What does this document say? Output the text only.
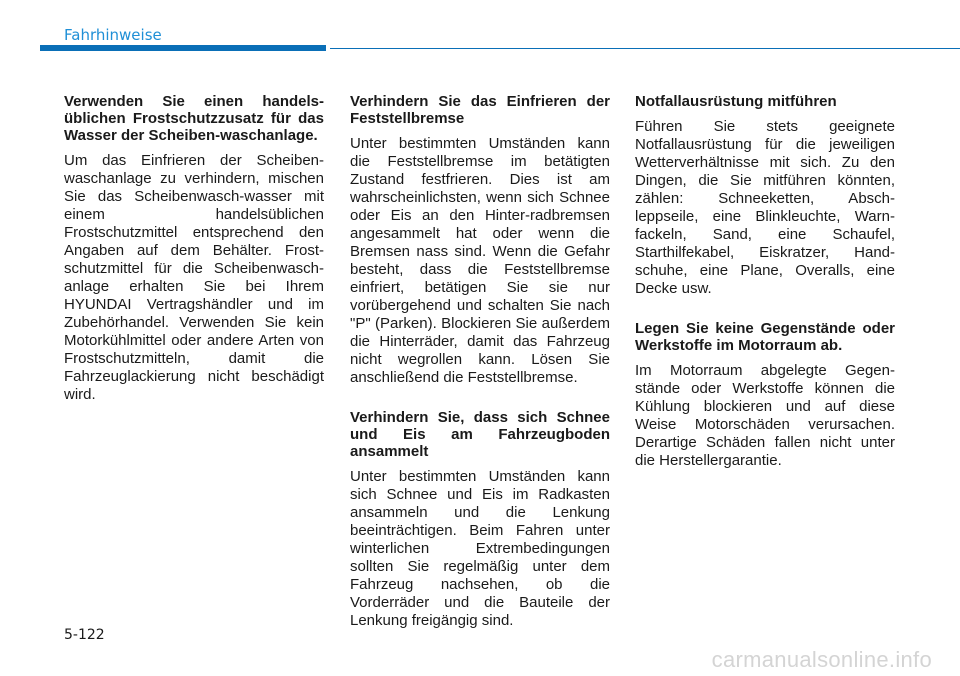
Fahrhinweise
Verwenden Sie einen handels-üblichen Frostschutzzusatz für das Wasser der Scheiben-waschanlage.

Um das Einfrieren der Scheiben-waschanlage zu verhindern, mischen Sie das Scheibenwasch-wasser mit einem handelsüblichen Frostschutzmittel entsprechend den Angaben auf dem Behälter. Frost-schutzmittel für die Scheibenwasch-anlage erhalten Sie bei Ihrem HYUNDAI Vertragshändler und im Zubehörhandel. Verwenden Sie kein Motorkühlmittel oder andere Arten von Frostschutzmitteln, damit die Fahrzeuglackierung nicht beschädigt wird.

Verhindern Sie das Einfrieren der Feststellbremse

Unter bestimmten Umständen kann die Feststellbremse im betätigten Zustand festfrieren. Dies ist am wahrscheinlichsten, wenn sich Schnee oder Eis an den Hinter-radbremsen angesammelt hat oder wenn die Bremsen nass sind. Wenn die Gefahr besteht, dass die Feststellbremse einfriert, betätigen Sie sie nur vorübergehend und schalten Sie nach "P" (Parken). Blockieren Sie außerdem die Hinterräder, damit das Fahrzeug nicht wegrollen kann. Lösen Sie anschließend die Feststellbremse.

Verhindern Sie, dass sich Schnee und Eis am Fahrzeugboden ansammelt

Unter bestimmten Umständen kann sich Schnee und Eis im Radkasten ansammeln und die Lenkung beeinträchtigen. Beim Fahren unter winterlichen Extrembedingungen sollten Sie regelmäßig unter dem Fahrzeug nachsehen, ob die Vorderräder und die Bauteile der Lenkung freigängig sind.

Notfallausrüstung mitführen

Führen Sie stets geeignete Notfallausrüstung für die jeweiligen Wetterverhältnisse mit sich. Zu den Dingen, die Sie mitführen könnten, zählen: Schneeketten, Absch-leppseile, eine Blinkleuchte, Warn-fackeln, Sand, eine Schaufel, Starthilfekabel, Eiskratzer, Hand-schuhe, eine Plane, Overalls, eine Decke usw.

Legen Sie keine Gegenstände oder Werkstoffe im Motorraum ab.

Im Motorraum abgelegte Gegen-stände oder Werkstoffe können die Kühlung blockieren und auf diese Weise Motorschäden verursachen. Derartige Schäden fallen nicht unter die Herstellergarantie.

5-122
carmanualsonline.info
